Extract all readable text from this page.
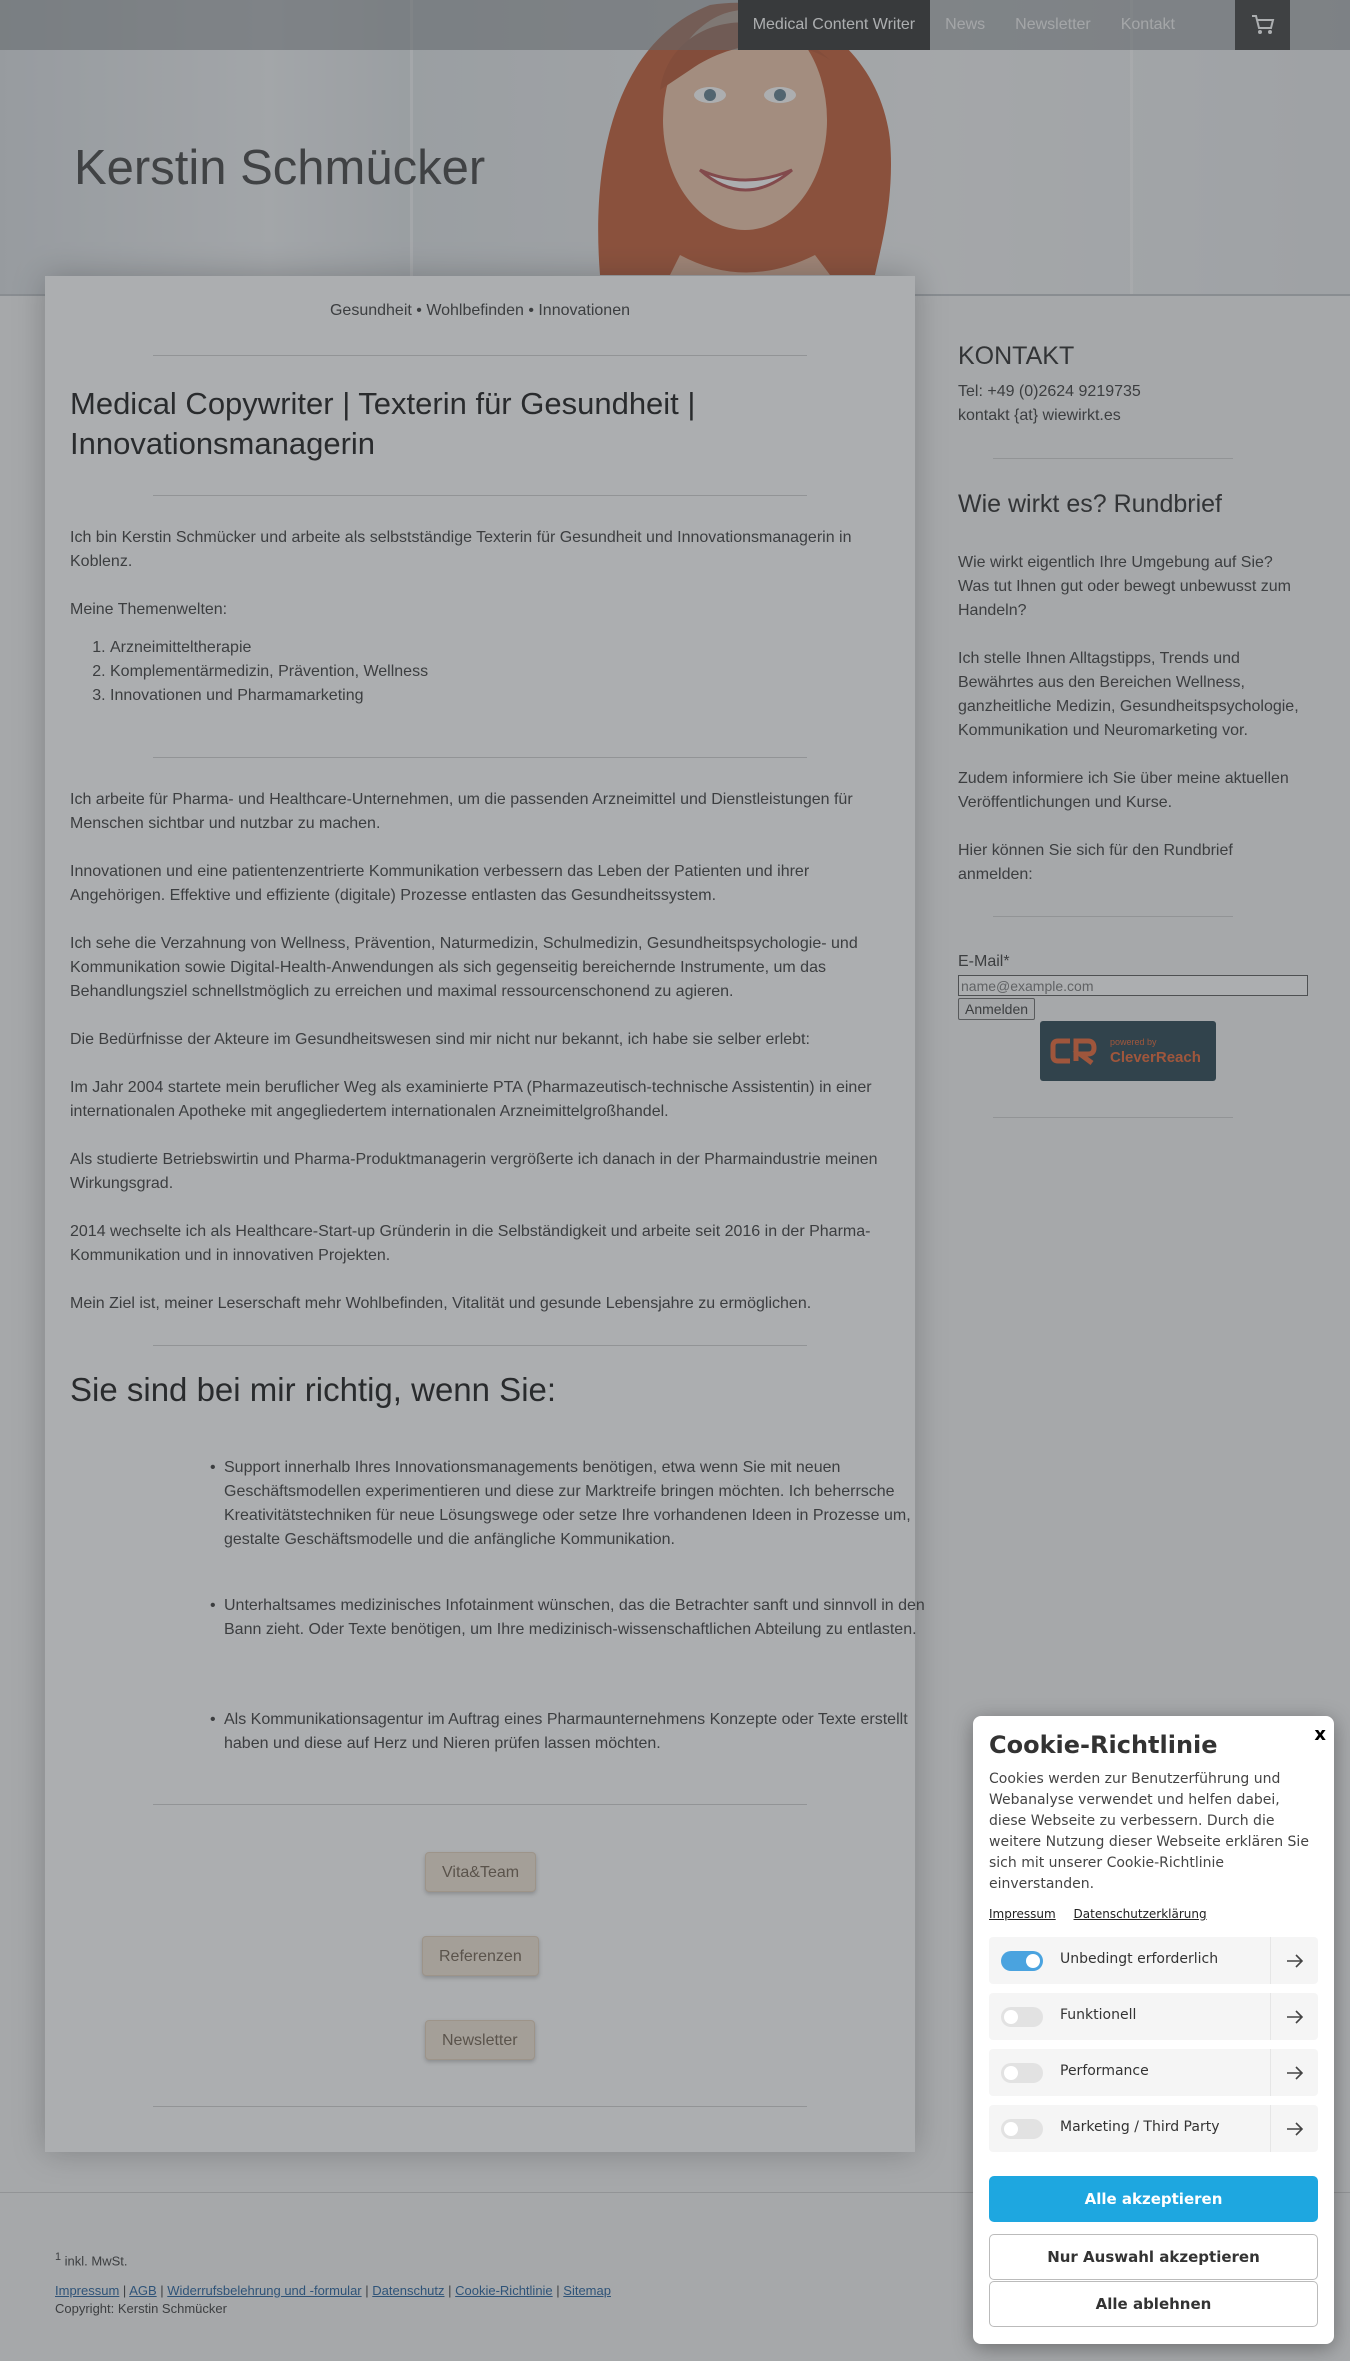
Kerstin Schmücker
Medical Content Writer	News	Newsletter	Kontakt
Gesundheit • Wohlbefinden • Innovationen
Medical Copywriter | Texterin für Gesundheit | Innovationsmanagerin

Ich bin Kerstin Schmücker und arbeite als selbstständige Texterin für Gesundheit und Innovationsmanagerin in Koblenz.

Meine Themenwelten:

1. Arzneimitteltherapie
2. Komplementärmedizin, Prävention, Wellness
3. Innovationen und Pharmamarketing

Ich arbeite für Pharma- und Healthcare-Unternehmen, um die passenden Arzneimittel und Dienstleistungen für Menschen sichtbar und nutzbar zu machen.

Innovationen und eine patientenzentrierte Kommunikation verbessern das Leben der Patienten und ihrer Angehörigen. Effektive und effiziente (digitale) Prozesse entlasten das Gesundheitssystem.

Ich sehe die Verzahnung von Wellness, Prävention, Naturmedizin, Schulmedizin, Gesundheitspsychologie- und Kommunikation sowie Digital-Health-Anwendungen als sich gegenseitig bereichernde Instrumente, um das Behandlungsziel schnellstmöglich zu erreichen und maximal ressourcenschonend zu agieren.

Die Bedürfnisse der Akteure im Gesundheitswesen sind mir nicht nur bekannt, ich habe sie selber erlebt:

Im Jahr 2004 startete mein beruflicher Weg als examinierte PTA (Pharmazeutisch-technische Assistentin) in einer internationalen Apotheke mit angegliedertem internationalen Arzneimittelgroßhandel.

Als studierte Betriebswirtin und Pharma-Produktmanagerin vergrößerte ich danach in der Pharmaindustrie meinen Wirkungsgrad.

2014 wechselte ich als Healthcare-Start-up Gründerin in die Selbständigkeit und arbeite seit 2016 in der Pharma-Kommunikation und in innovativen Projekten.

Mein Ziel ist, meiner Leserschaft mehr Wohlbefinden, Vitalität und gesunde Lebensjahre zu ermöglichen.

Sie sind bei mir richtig, wenn Sie:

• Support innerhalb Ihres Innovationsmanagements benötigen, etwa wenn Sie mit neuen Geschäftsmodellen experimentieren und diese zur Marktreife bringen möchten. Ich beherrsche Kreativitätstechniken für neue Lösungswege oder setze Ihre vorhandenen Ideen in Prozesse um, gestalte Geschäftsmodelle und die anfängliche Kommunikation.

• Unterhaltsames medizinisches Infotainment wünschen, das die Betrachter sanft und sinnvoll in den Bann zieht. Oder Texte benötigen, um Ihre medizinisch-wissenschaftlichen Abteilung zu entlasten.

• Als Kommunikationsagentur im Auftrag eines Pharmaunternehmens Konzepte oder Texte erstellt haben und diese auf Herz und Nieren prüfen lassen möchten.

Vita&Team
Referenzen
Newsletter
KONTAKT

Tel: +49 (0)2624 9219735

kontakt {at} wiewirkt.es

Wie wirkt es? Rundbrief

Wie wirkt eigentlich Ihre Umgebung auf Sie? Was tut Ihnen gut oder bewegt unbewusst zum Handeln?

Ich stelle Ihnen Alltagstipps, Trends und Bewährtes aus den Bereichen Wellness, ganzheitliche Medizin, Gesundheitspsychologie, Kommunikation und Neuromarketing vor.

Zudem informiere ich Sie über meine aktuellen Veröffentlichungen und Kurse.

Hier können Sie sich für den Rundbrief anmelden:

E-Mail*

name@example.com
Anmelden
powered by
CleverReach
$^1$ inkl. MwSt.
Impressum | AGB | Widerrufsbelehrung und -formular | Datenschutz | Cookie-Richtlinie | Sitemap
Copyright: Kerstin Schmücker
x
Cookie-Richtlinie
Cookies werden zur Benutzerführung und Webanalyse verwendet und helfen dabei, diese Webseite zu verbessern. Durch die weitere Nutzung dieser Webseite erklären Sie sich mit unserer Cookie-Richtlinie einverstanden.
Impressum Datenschutzerklärung
Unbedingt erforderlich
Funktionell
Performance
Marketing / Third Party
Alle akzeptieren
Nur Auswahl akzeptieren
Alle ablehnen
